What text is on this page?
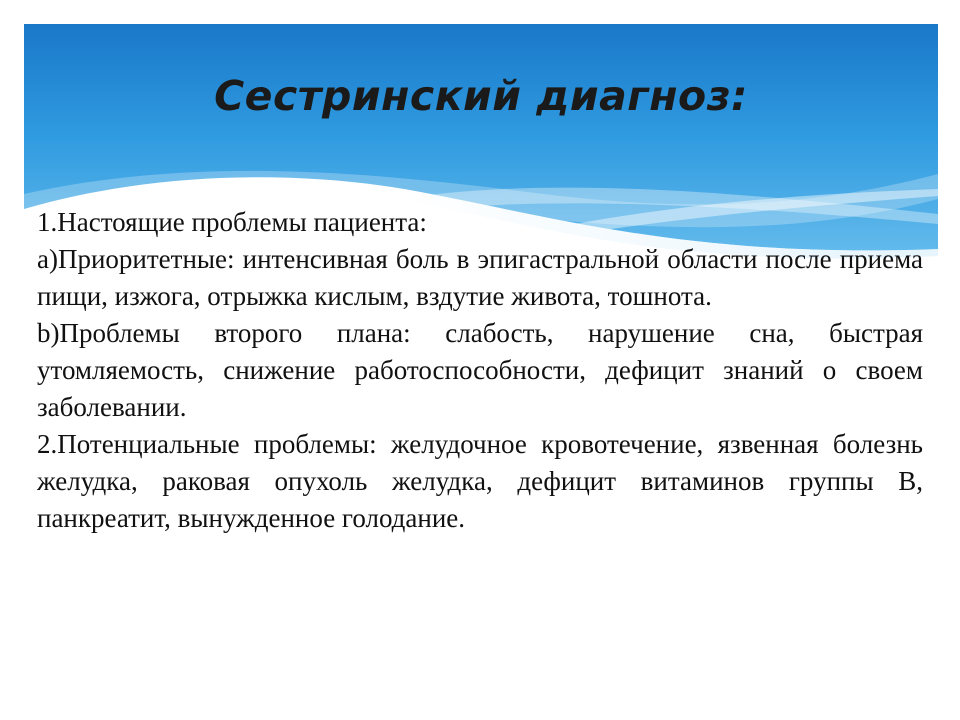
Сестринский диагноз:

1.Настоящие проблемы пациента:

а)Приоритетные: интенсивная боль в эпигастральной области после приема пищи, изжога, отрыжка кислым, вздутие живота, тошнота.

b)Проблемы второго плана: слабость, нарушение сна, быстрая утомляемость, снижение работоспособности, дефицит знаний о своем заболевании.

2.Потенциальные проблемы: желудочное кровотечение, язвенная болезнь желудка, раковая опухоль желудка, дефицит витаминов группы В, панкреатит, вынужденное голодание.
